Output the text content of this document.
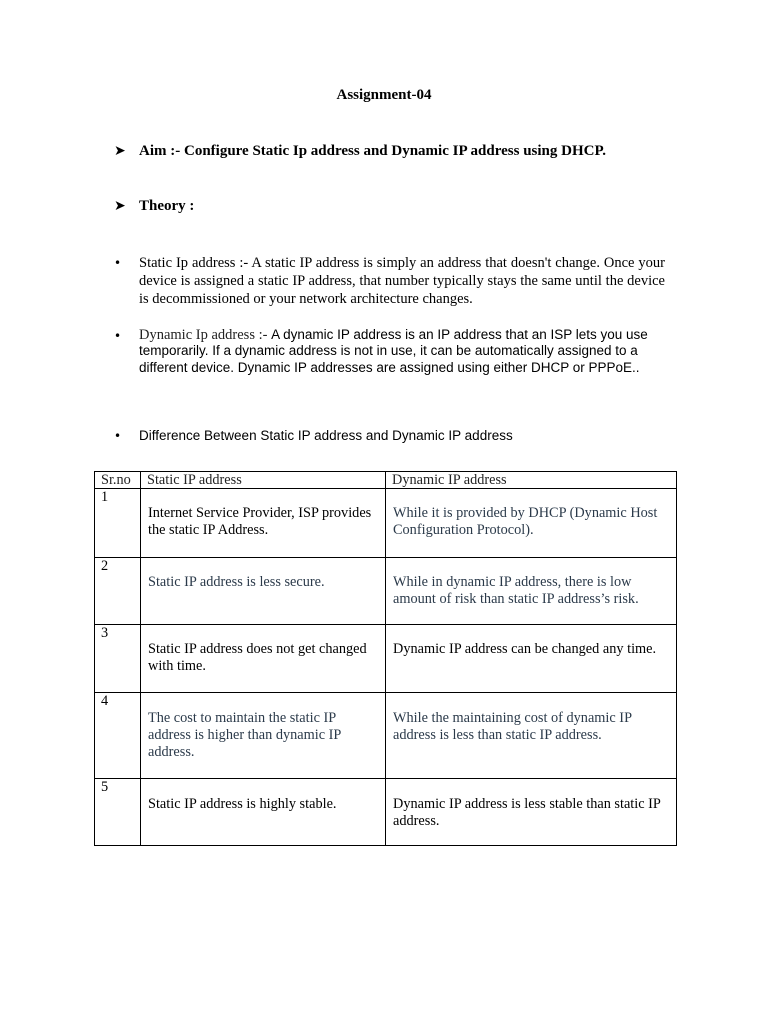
Assignment-04
➤ Aim :- Configure Static Ip address and Dynamic IP address using DHCP.
➤ Theory :
•	Static Ip address :- A static IP address is simply an address that doesn't change. Once your device is assigned a static IP address, that number typically stays the same until the device is decommissioned or your network architecture changes.
•	Dynamic Ip address :- A dynamic IP address is an IP address that an ISP lets you use temporarily. If a dynamic address is not in use, it can be automatically assigned to a different device. Dynamic IP addresses are assigned using either DHCP or PPPoE..
•	Difference Between Static IP address and Dynamic IP address
Sr.no	Static IP address	Dynamic IP address
1	Internet Service Provider, ISP provides the static IP Address.	While it is provided by DHCP (Dynamic Host Configuration Protocol).

2	Static IP address is less secure.	While in dynamic IP address, there is low amount of risk than static IP address’s risk.

3	Static IP address does not get changed with time.	Dynamic IP address can be changed any time.

4	The cost to maintain the static IP address is higher than dynamic IP address.	While the maintaining cost of dynamic IP address is less than static IP address.

5	Static IP address is highly stable.	Dynamic IP address is less stable than static IP address.
